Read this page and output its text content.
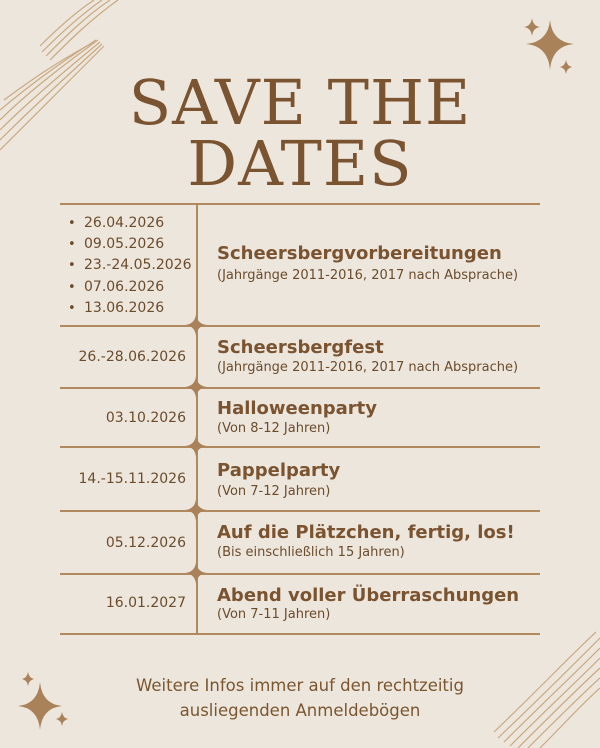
SAVE THE
DATES
• 26.04.2026
• 09.05.2026
• 23.-24.05.2026
• 07.06.2026
• 13.06.2026
Scheersbergvorbereitungen
(Jahrgänge 2011-2016, 2017 nach Absprache)
26.-28.06.2026 Scheersbergfest
(Jahrgänge 2011-2016, 2017 nach Absprache)
03.10.2026 Halloweenparty
(Von 8-12 Jahren)
14.-15.11.2026 Pappelparty
(Von 7-12 Jahren)
05.12.2026 Auf die Plätzchen, fertig, los!
(Bis einschließlich 15 Jahren)
16.01.2027 Abend voller Überraschungen
(Von 7-11 Jahren)
Weitere Infos immer auf den rechtzeitig
ausliegenden Anmeldebögen
